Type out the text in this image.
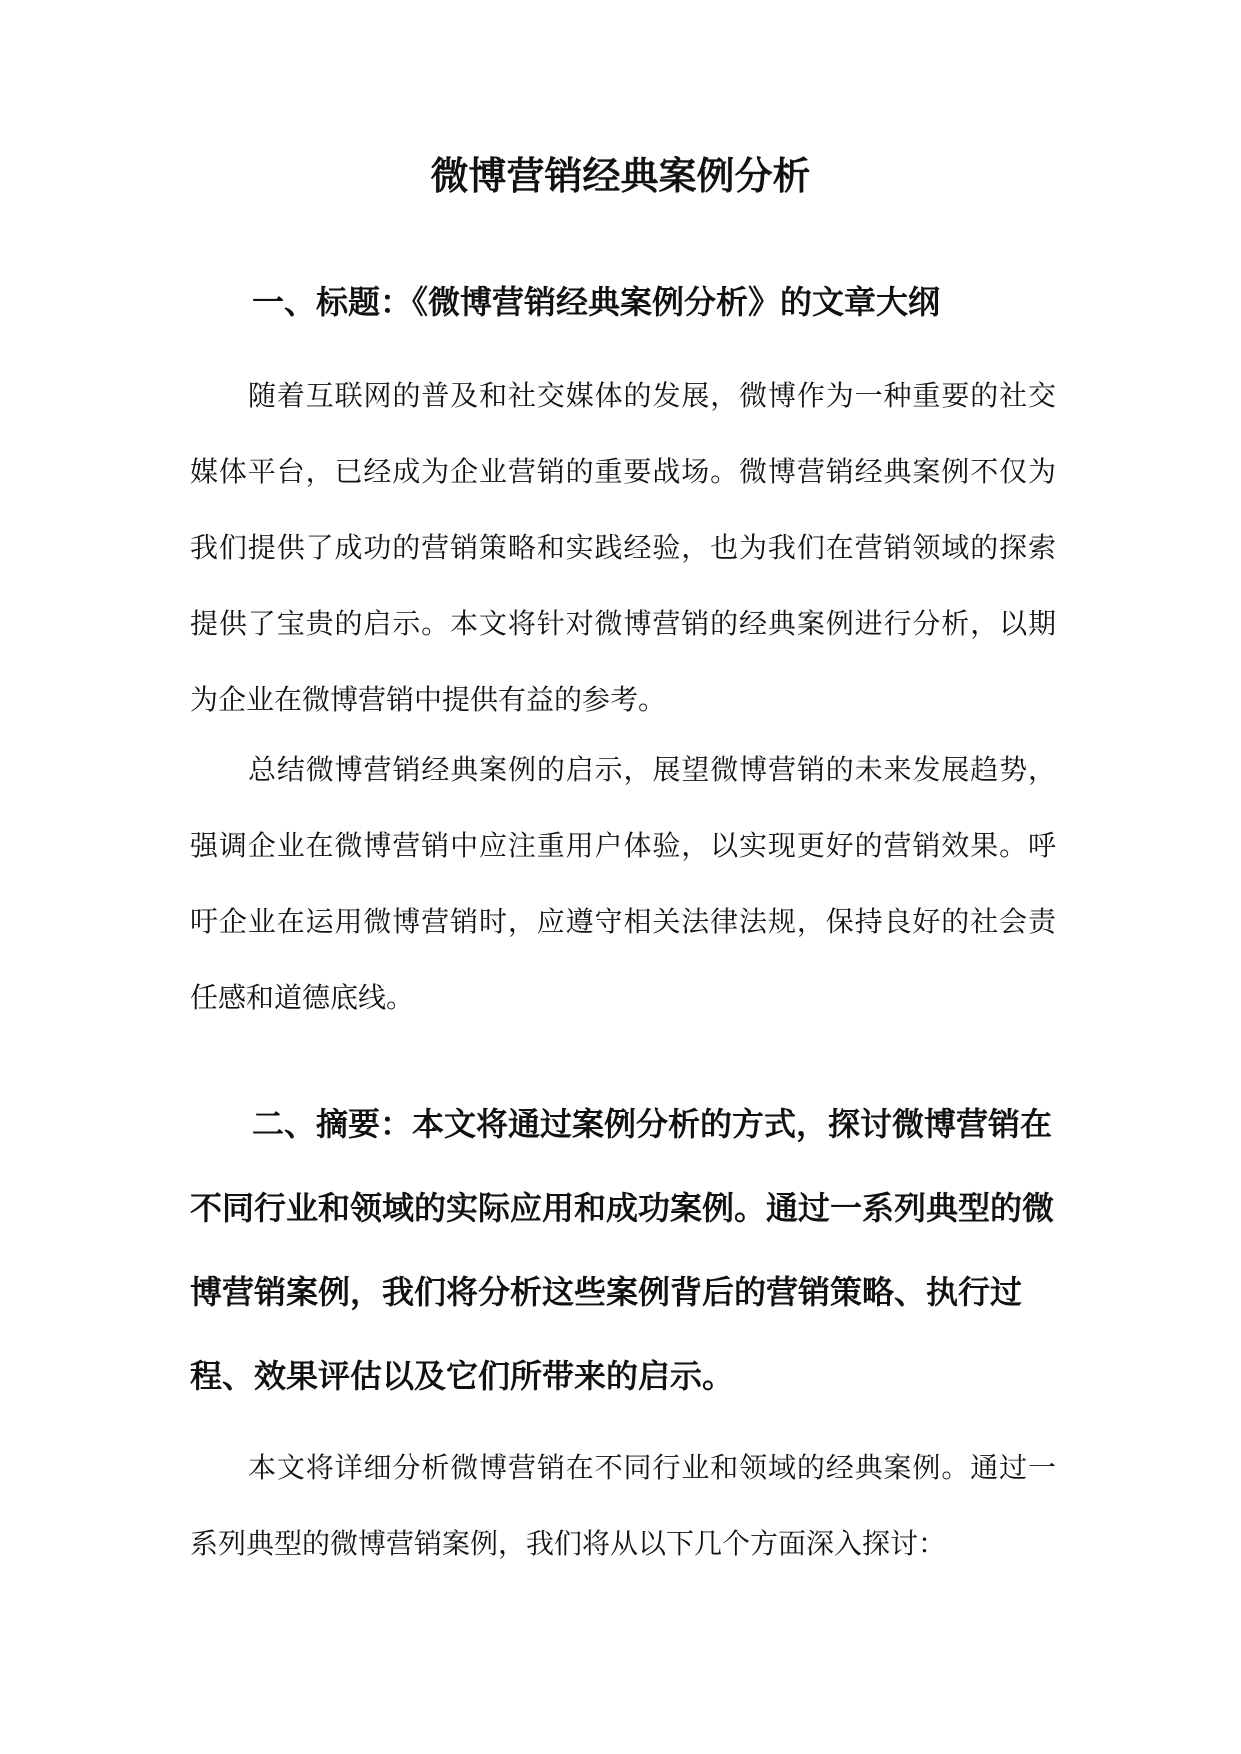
微博营销经典案例分析
一、标题：《微博营销经典案例分析》的文章大纲

随着互联网的普及和社交媒体的发展，微博作为一种重要的社交媒体平台，已经成为企业营销的重要战场。微博营销经典案例不仅为我们提供了成功的营销策略和实践经验，也为我们在营销领域的探索提供了宝贵的启示。本文将针对微博营销的经典案例进行分析，以期为企业在微博营销中提供有益的参考。

总结微博营销经典案例的启示，展望微博营销的未来发展趋势，强调企业在微博营销中应注重用户体验，以实现更好的营销效果。呼吁企业在运用微博营销时，应遵守相关法律法规，保持良好的社会责任感和道德底线。

二、摘要：本文将通过案例分析的方式，探讨微博营销在不同行业和领域的实际应用和成功案例。通过一系列典型的微博营销案例，我们将分析这些案例背后的营销策略、执行过程、效果评估以及它们所带来的启示。

本文将详细分析微博营销在不同行业和领域的经典案例。通过一系列典型的微博营销案例，我们将从以下几个方面深入探讨：
